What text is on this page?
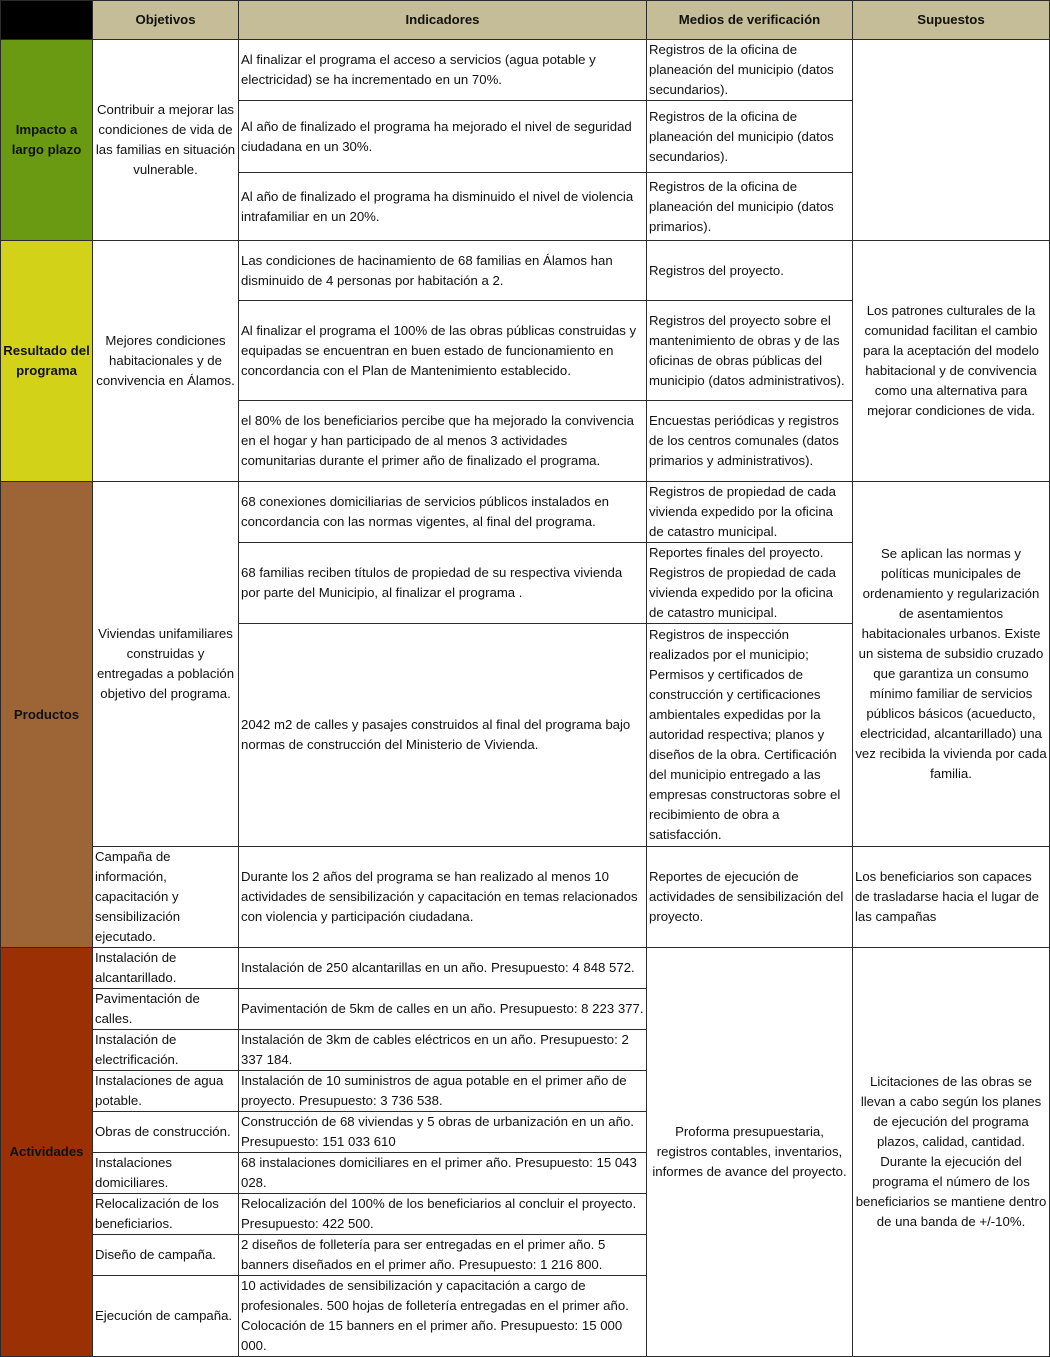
	Objetivos	Indicadores	Medios de verificación	Supuestos
Impacto a largo plazo	Contribuir a mejorar las condiciones de vida de las familias en situación vulnerable.	Al finalizar el programa el acceso a servicios (agua potable y electricidad) se ha incrementado en un 70%.	Registros de la oficina de planeación del municipio (datos secundarios).	
		Al año de finalizado el programa ha mejorado el nivel de seguridad ciudadana en un 30%.	Registros de la oficina de planeación del municipio (datos secundarios).	
		Al año de finalizado el programa ha disminuido el nivel de violencia intrafamiliar en un 20%.	Registros de la oficina de planeación del municipio (datos primarios).	
Resultado del programa	Mejores condiciones habitacionales y de convivencia en Álamos.	Las condiciones de hacinamiento de 68 familias en Álamos han disminuido de 4 personas por habitación a 2.	Registros del proyecto.	Los patrones culturales de la comunidad facilitan el cambio para la aceptación del modelo habitacional y de convivencia como una alternativa para mejorar condiciones de vida.
		Al finalizar el programa el 100% de las obras públicas construidas y equipadas se encuentran en buen estado de funcionamiento en concordancia con el Plan de Mantenimiento establecido.	Registros del proyecto sobre el mantenimiento de obras y de las oficinas de obras públicas del municipio (datos administrativos).	
		el 80% de los beneficiarios percibe que ha mejorado la convivencia en el hogar y han participado de al menos 3 actividades comunitarias durante el primer año de finalizado el programa.	Encuestas periódicas y registros de los centros comunales (datos primarios y administrativos).	
Productos	Viviendas unifamiliares construidas y entregadas a población objetivo del programa.	68 conexiones domiciliarias de servicios públicos instalados en concordancia con las normas vigentes, al final del programa.	Registros de propiedad de cada vivienda expedido por la oficina de catastro municipal.	Se aplican las normas y políticas municipales de ordenamiento y regularización de asentamientos habitacionales urbanos. Existe un sistema de subsidio cruzado que garantiza un consumo mínimo familiar de servicios públicos básicos (acueducto, electricidad, alcantarillado) una vez recibida la vivienda por cada familia.
		68 familias reciben títulos de propiedad de su respectiva vivienda por parte del Municipio, al finalizar el programa .	Reportes finales del proyecto. Registros de propiedad de cada vivienda expedido por la oficina de catastro municipal.	
		2042 m2 de calles y pasajes construidos al final del programa bajo normas de construcción del Ministerio de Vivienda.	Registros de inspección realizados por el municipio; Permisos y certificados de construcción y certificaciones ambientales expedidas por la autoridad respectiva; planos y diseños de la obra. Certificación del municipio entregado a las empresas constructoras sobre el recibimiento de obra a satisfacción.	
	Campaña de información, capacitación y sensibilización ejecutado.	Durante los 2 años del programa se han realizado al menos 10 actividades de sensibilización y capacitación en temas relacionados con violencia y participación ciudadana.	Reportes de ejecución de actividades de sensibilización del proyecto.	Los beneficiarios son capaces de trasladarse hacia el lugar de las campañas
Actividades	Instalación de alcantarillado.	Instalación de 250 alcantarillas en un año. Presupuesto: 4 848 572.	Proforma presupuestaria, registros contables, inventarios, informes de avance del proyecto.	Licitaciones de las obras se llevan a cabo según los planes de ejecución del programa plazos, calidad, cantidad. Durante la ejecución del programa el número de los beneficiarios se mantiene dentro de una banda de +/-10%.
	Pavimentación de calles.	Pavimentación de 5km de calles en un año. Presupuesto: 8 223 377.		
	Instalación de electrificación.	Instalación de 3km de cables eléctricos en un año. Presupuesto: 2 337 184.		
	Instalaciones de agua potable.	Instalación de 10 suministros de agua potable en el primer año de proyecto. Presupuesto: 3 736 538.		
	Obras de construcción.	Construcción de 68 viviendas y 5 obras de urbanización en un año. Presupuesto: 151 033 610		
	Instalaciones domiciliares.	68 instalaciones domiciliares en el primer año. Presupuesto: 15 043 028.		
	Relocalización de los beneficiarios.	Relocalización del 100% de los beneficiarios al concluir el proyecto. Presupuesto: 422 500.		
	Diseño de campaña.	2 diseños de folletería para ser entregadas en el primer año. 5 banners diseñados en el primer año. Presupuesto: 1 216 800.		
	Ejecución de campaña.	10 actividades de sensibilización y capacitación a cargo de profesionales. 500 hojas de folletería entregadas en el primer año. Colocación de 15 banners en el primer año. Presupuesto: 15 000 000.		
